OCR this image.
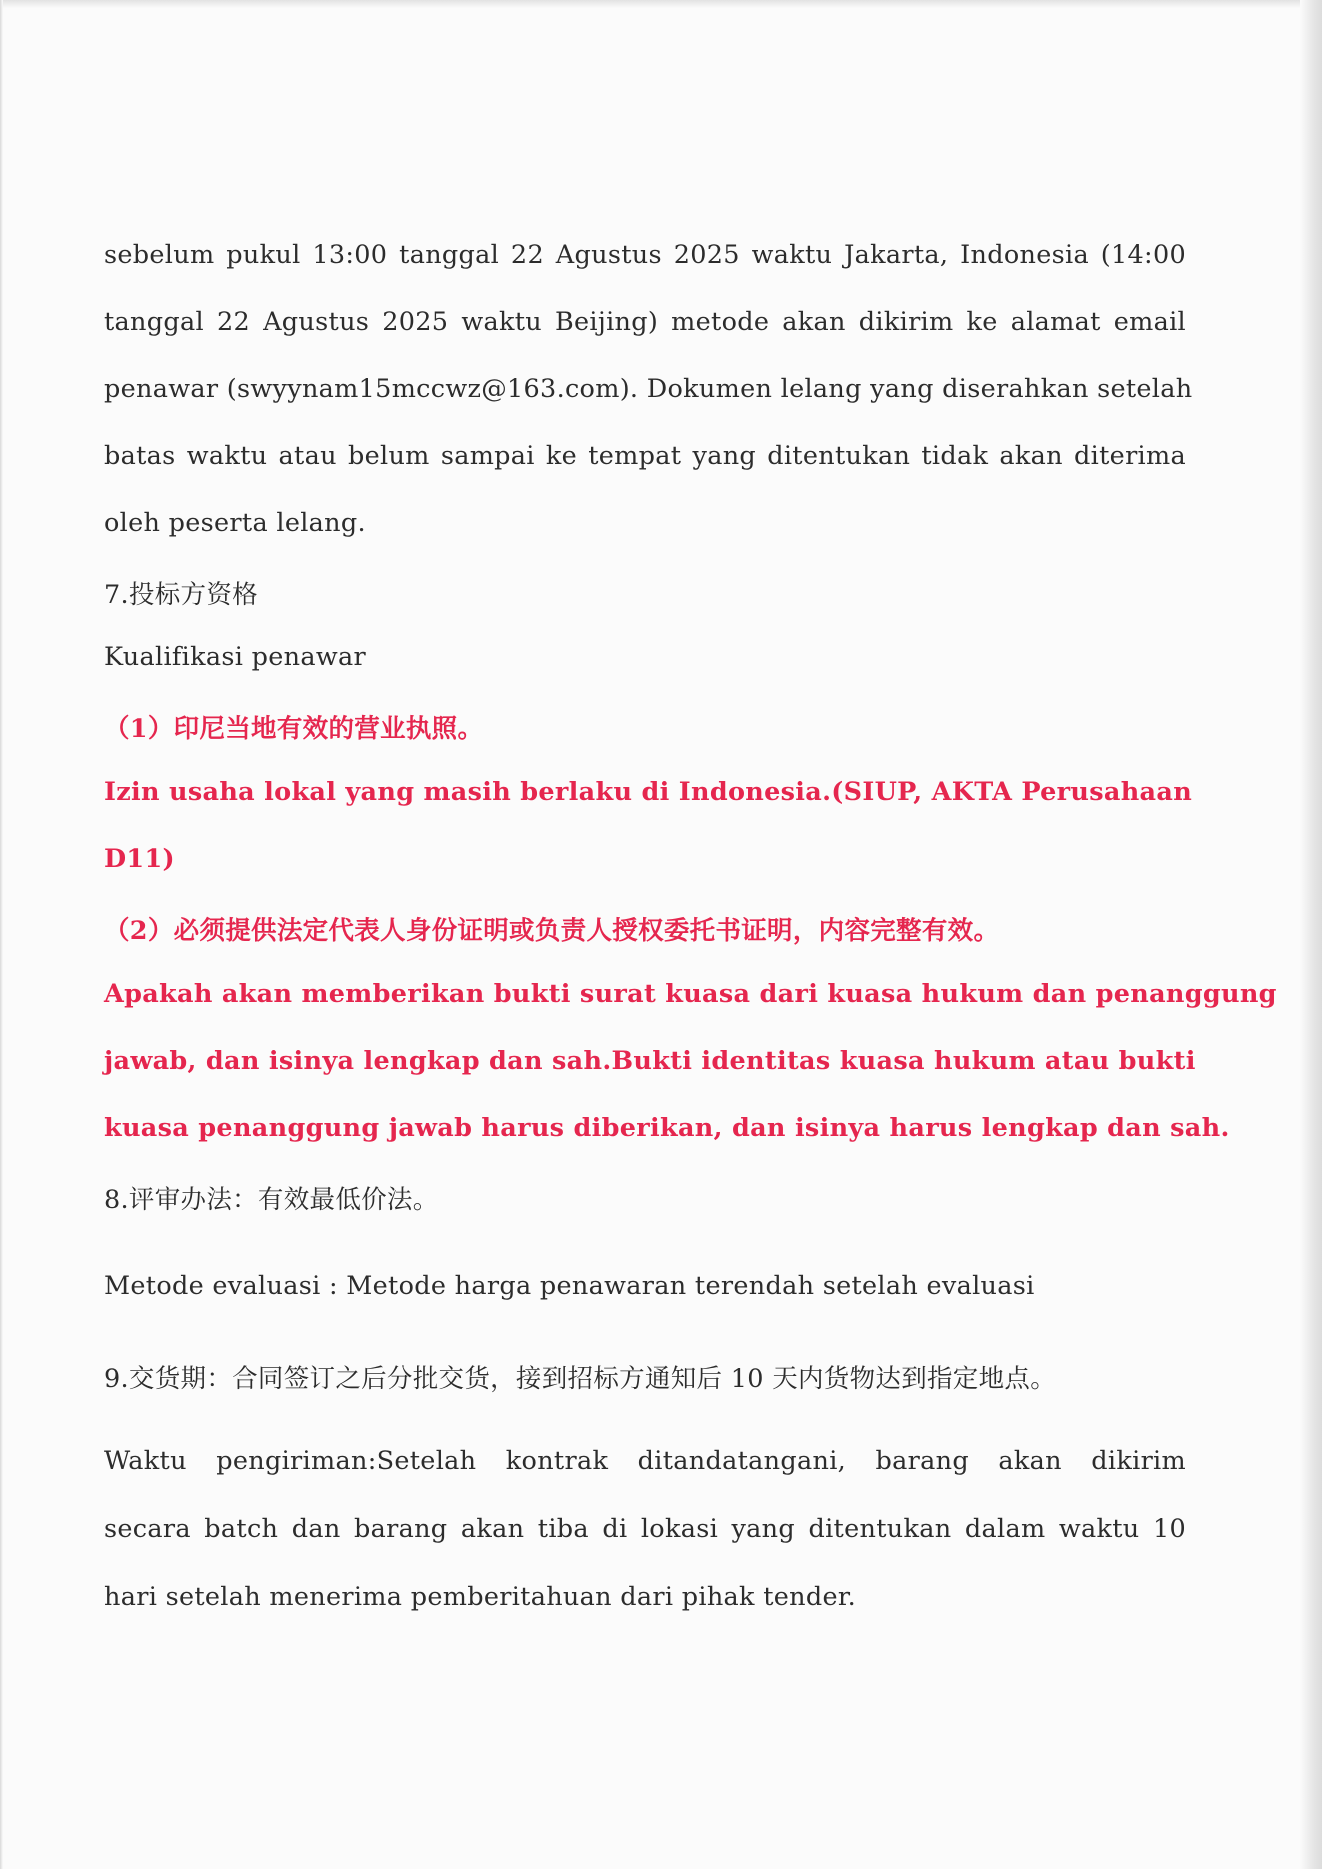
sebelum pukul 13:00 tanggal 22 Agustus 2025 waktu Jakarta, Indonesia (14:00
tanggal 22 Agustus 2025 waktu Beijing) metode akan dikirim ke alamat email
penawar (swyynam15mccwz@163.com). Dokumen lelang yang diserahkan setelah
batas waktu atau belum sampai ke tempat yang ditentukan tidak akan diterima
oleh peserta lelang.
7.投标方资格
Kualifikasi penawar
（1）印尼当地有效的营业执照。
Izin usaha lokal yang masih berlaku di Indonesia.(SIUP, AKTA Perusahaan
D11)
（2）必须提供法定代表人身份证明或负责人授权委托书证明，内容完整有效。
Apakah akan memberikan bukti surat kuasa dari kuasa hukum dan penanggung
jawab, dan isinya lengkap dan sah.Bukti identitas kuasa hukum atau bukti
kuasa penanggung jawab harus diberikan, dan isinya harus lengkap dan sah.
8.评审办法：有效最低价法。
Metode evaluasi : Metode harga penawaran terendah setelah evaluasi
9.交货期：合同签订之后分批交货，接到招标方通知后 10 天内货物达到指定地点。
Waktu pengiriman:Setelah kontrak ditandatangani, barang akan dikirim
secara batch dan barang akan tiba di lokasi yang ditentukan dalam waktu 10
hari setelah menerima pemberitahuan dari pihak tender.
